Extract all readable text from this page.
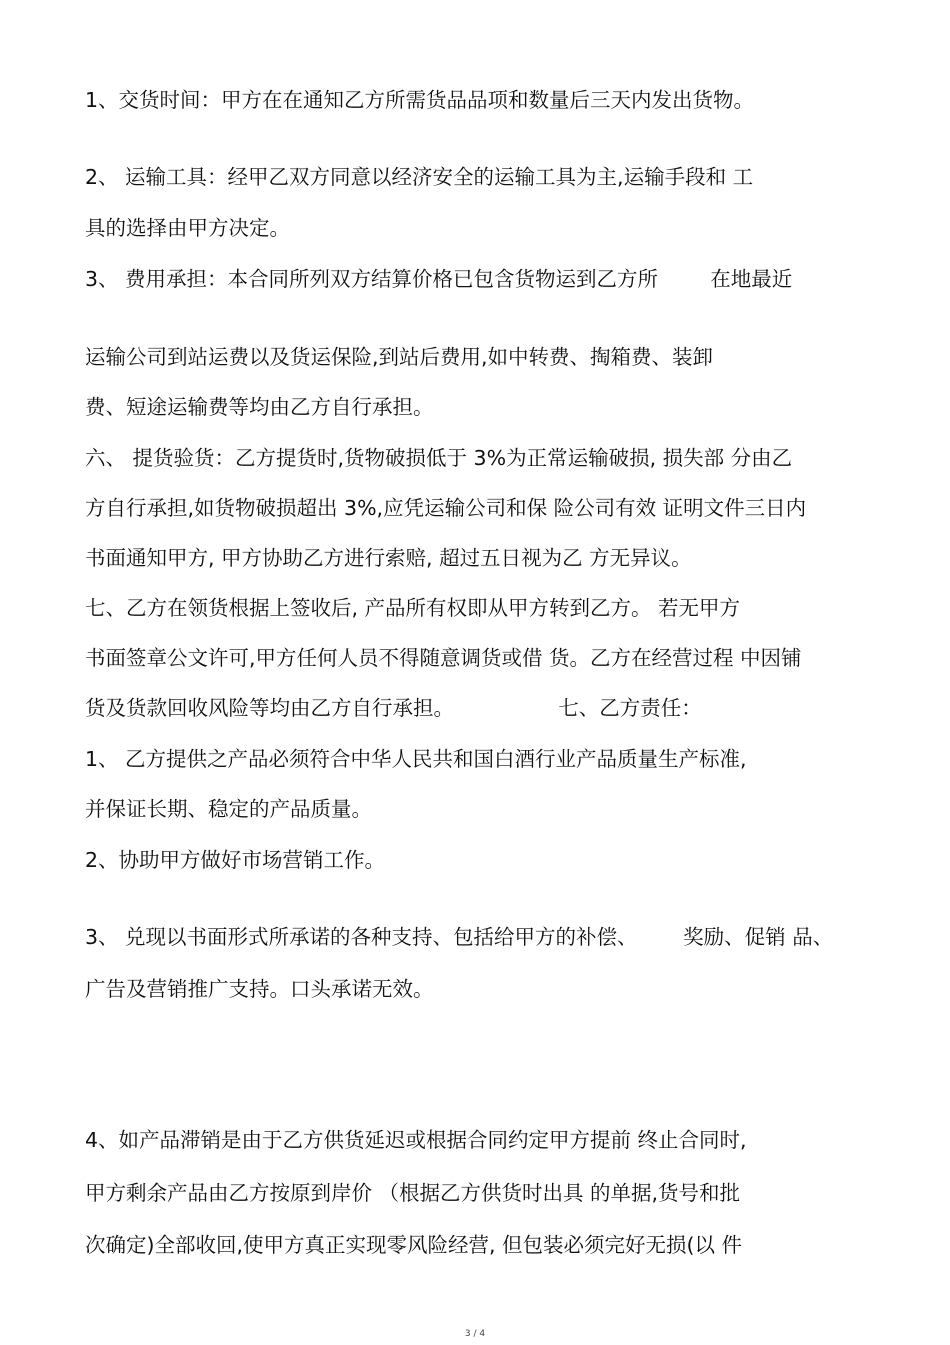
1、交货时间：甲方在在通知乙方所需货品品项和数量后三天内发出货物。
2、 运输工具：经甲乙双方同意以经济安全的运输工具为主,运输手段和 工
具的选择由甲方决定。
3、 费用承担：本合同所列双方结算价格已包含货物运到乙方所        在地最近
运输公司到站运费以及货运保险,到站后费用,如中转费、掏箱费、装卸
费、短途运输费等均由乙方自行承担。
六、 提货验货：乙方提货时,货物破损低于 3%为正常运输破损, 损失部 分由乙
方自行承担,如货物破损超出 3%,应凭运输公司和保 险公司有效 证明文件三日内
书面通知甲方, 甲方协助乙方进行索赔, 超过五日视为乙 方无异议。
七、乙方在领货根据上签收后, 产品所有权即从甲方转到乙方。 若无甲方
书面签章公文许可,甲方任何人员不得随意调货或借 货。乙方在经营过程 中因铺
货及货款回收风险等均由乙方自行承担。                七、乙方责任：
1、 乙方提供之产品必须符合中华人民共和国白酒行业产品质量生产标准,
并保证长期、稳定的产品质量。
2、协助甲方做好市场营销工作。
3、 兑现以书面形式所承诺的各种支持、包括给甲方的补偿、       奖励、促销 品、
广告及营销推广支持。口头承诺无效。
4、如产品滞销是由于乙方供货延迟或根据合同约定甲方提前 终止合同时,
甲方剩余产品由乙方按原到岸价 （根据乙方供货时出具 的单据,货号和批
次确定)全部收回,使甲方真正实现零风险经营, 但包装必须完好无损(以 件
3 / 4
